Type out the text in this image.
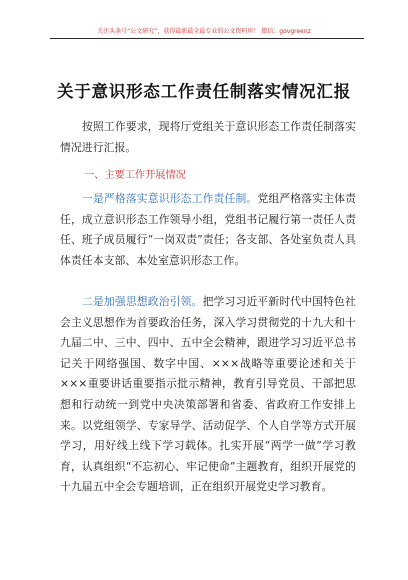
关注头条号“公文研究”，获得最新最全最专业的公文资料库！ 微信：govgreenz
关于意识形态工作责任制落实情况汇报
按照工作要求，现将厅党组关于意识形态工作责任制落实情况进行汇报。
一、主要工作开展情况
一是严格落实意识形态工作责任制。党组严格落实主体责任，成立意识形态工作领导小组，党组书记履行第一责任人责任、班子成员履行“一岗双责”责任；各支部、各处室负责人具体责任本支部、本处室意识形态工作。
二是加强思想政治引领。把学习习近平新时代中国特色社会主义思想作为首要政治任务，深入学习贯彻党的十九大和十九届二中、三中、四中、五中全会精神，跟进学习习近平总书记关于网络强国、数字中国、×××战略等重要论述和关于×××重要讲话重要指示批示精神，教育引导党员、干部把思想和行动统一到党中央决策部署和省委、省政府工作安排上来。以党组领学、专家导学、活动促学、个人自学等方式开展学习，用好线上线下学习载体。扎实开展“两学一做”学习教育，认真组织“不忘初心、牢记使命”主题教育，组织开展党的十九届五中全会专题培训，正在组织开展党史学习教育。
